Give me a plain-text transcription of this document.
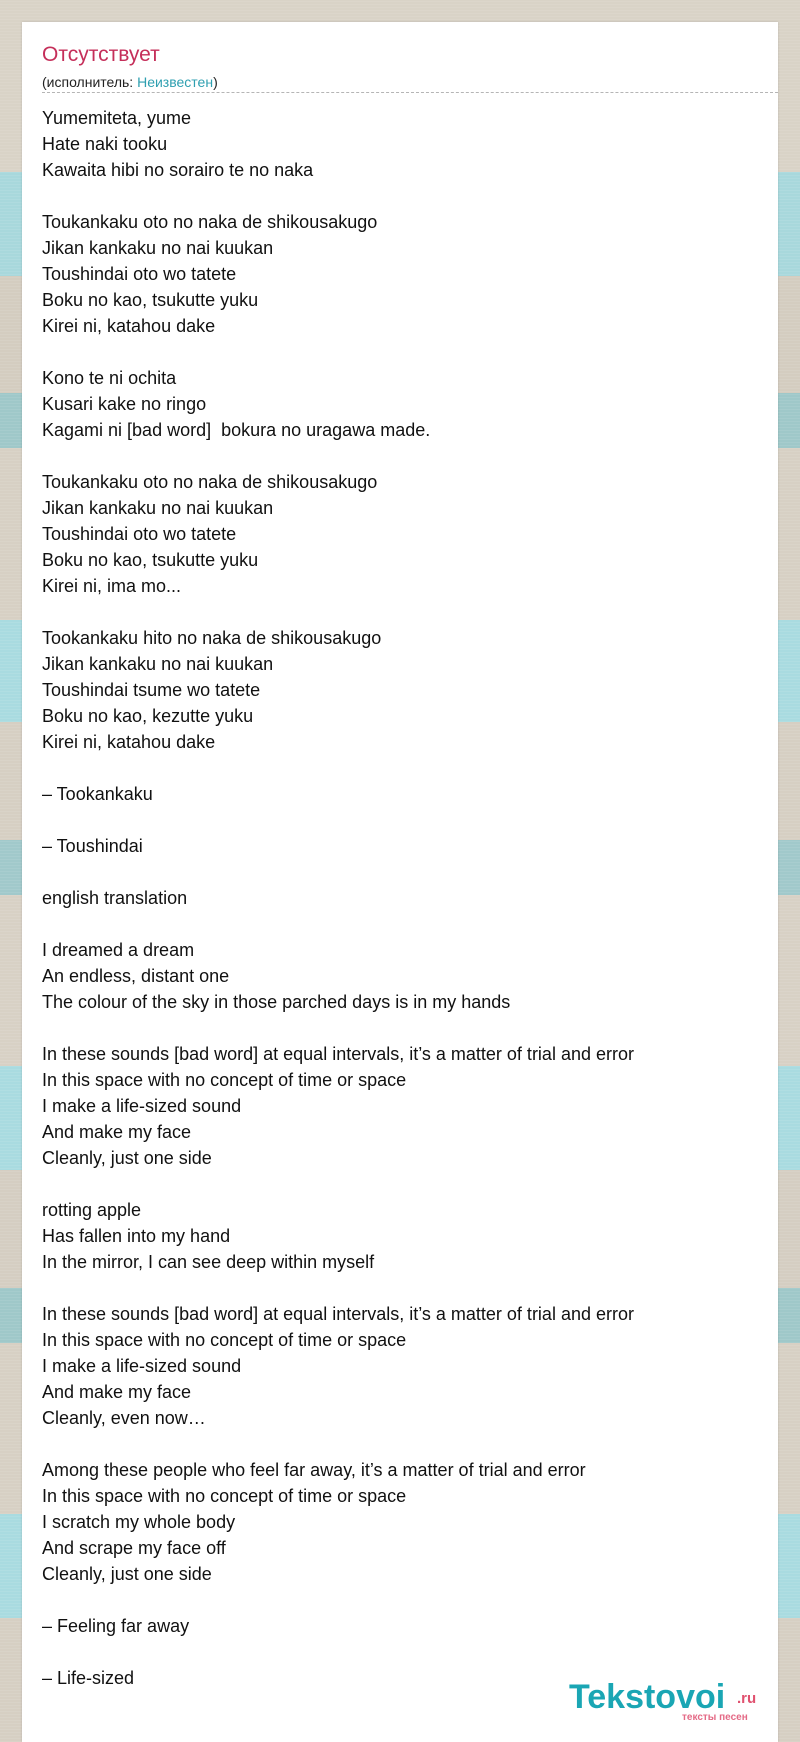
Отсутствует
(исполнитель: Неизвестен)
Yumemiteta, yume
Hate naki tooku
Kawaita hibi no sorairo te no naka
Toukankaku oto no naka de shikousakugo
Jikan kankaku no nai kuukan
Toushindai oto wo tatete
Boku no kao, tsukutte yuku
Kirei ni, katahou dake
Kono te ni ochita
Kusari kake no ringo
Kagami ni [bad word]  bokura no uragawa made.
Toukankaku oto no naka de shikousakugo
Jikan kankaku no nai kuukan
Toushindai oto wo tatete
Boku no kao, tsukutte yuku
Kirei ni, ima mo...
Tookankaku hito no naka de shikousakugo
Jikan kankaku no nai kuukan
Toushindai tsume wo tatete
Boku no kao, kezutte yuku
Kirei ni, katahou dake
– Tookankaku
– Toushindai
english translation
I dreamed a dream
An endless, distant one
The colour of the sky in those parched days is in my hands
In these sounds [bad word] at equal intervals, it’s a matter of trial and error
In this space with no concept of time or space
I make a life-sized sound
And make my face
Cleanly, just one side
rotting apple
Has fallen into my hand
In the mirror, I can see deep within myself
In these sounds [bad word] at equal intervals, it’s a matter of trial and error
In this space with no concept of time or space
I make a life-sized sound
And make my face
Cleanly, even now…
Among these people who feel far away, it’s a matter of trial and error
In this space with no concept of time or space
I scratch my whole body
And scrape my face off
Cleanly, just one side
– Feeling far away
– Life-sized	Tekstovoi .ru
тексты песен
